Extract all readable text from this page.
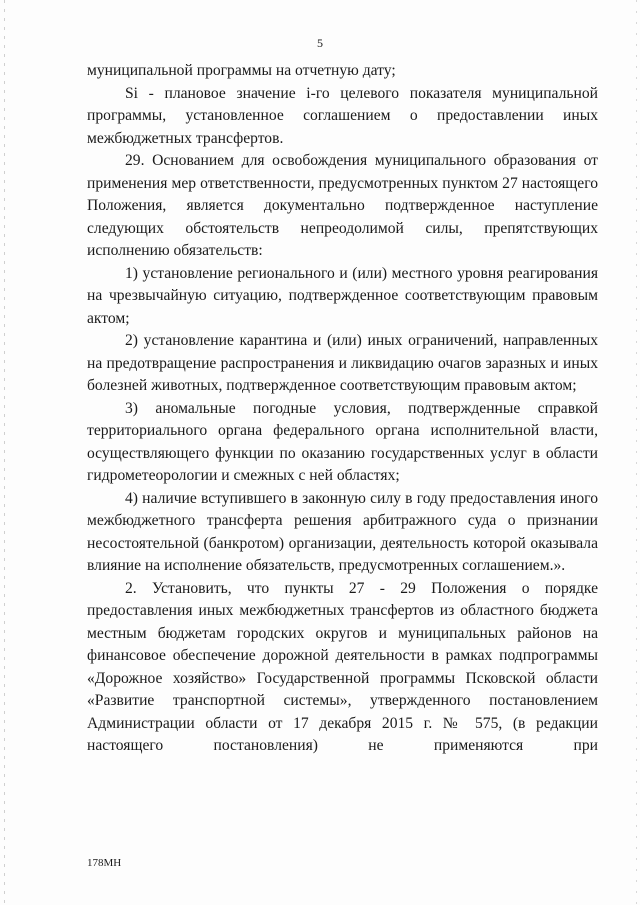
5

муниципальной программы на отчетную дату;

Si - плановое значение i-го целевого показателя муниципальной программы, установленное соглашением о предоставлении иных межбюджетных трансфертов.

29. Основанием для освобождения муниципального образования от применения мер ответственности, предусмотренных пунктом 27 настоящего Положения, является документально подтвержденное наступление следующих обстоятельств непреодолимой силы, препятствующих исполнению обязательств:

1) установление регионального и (или) местного уровня реагирования на чрезвычайную ситуацию, подтвержденное соответствующим правовым актом;

2) установление карантина и (или) иных ограничений, направленных на предотвращение распространения и ликвидацию очагов заразных и иных болезней животных, подтвержденное соответствующим правовым актом;

3) аномальные погодные условия, подтвержденные справкой территориального органа федерального органа исполнительной власти, осуществляющего функции по оказанию государственных услуг в области гидрометеорологии и смежных с ней областях;

4) наличие вступившего в законную силу в году предоставления иного межбюджетного трансферта решения арбитражного суда о признании несостоятельной (банкротом) организации, деятельность которой оказывала влияние на исполнение обязательств, предусмотренных соглашением.».

2. Установить, что пункты 27 - 29 Положения о порядке предоставления иных межбюджетных трансфертов из областного бюджета местным бюджетам городских округов и муниципальных районов на финансовое обеспечение дорожной деятельности в рамках подпрограммы «Дорожное хозяйство» Государственной программы Псковской области «Развитие транспортной системы», утвержденного постановлением Администрации области от 17 декабря 2015 г. № 575, (в редакции настоящего постановления) не применяются при

178МН
